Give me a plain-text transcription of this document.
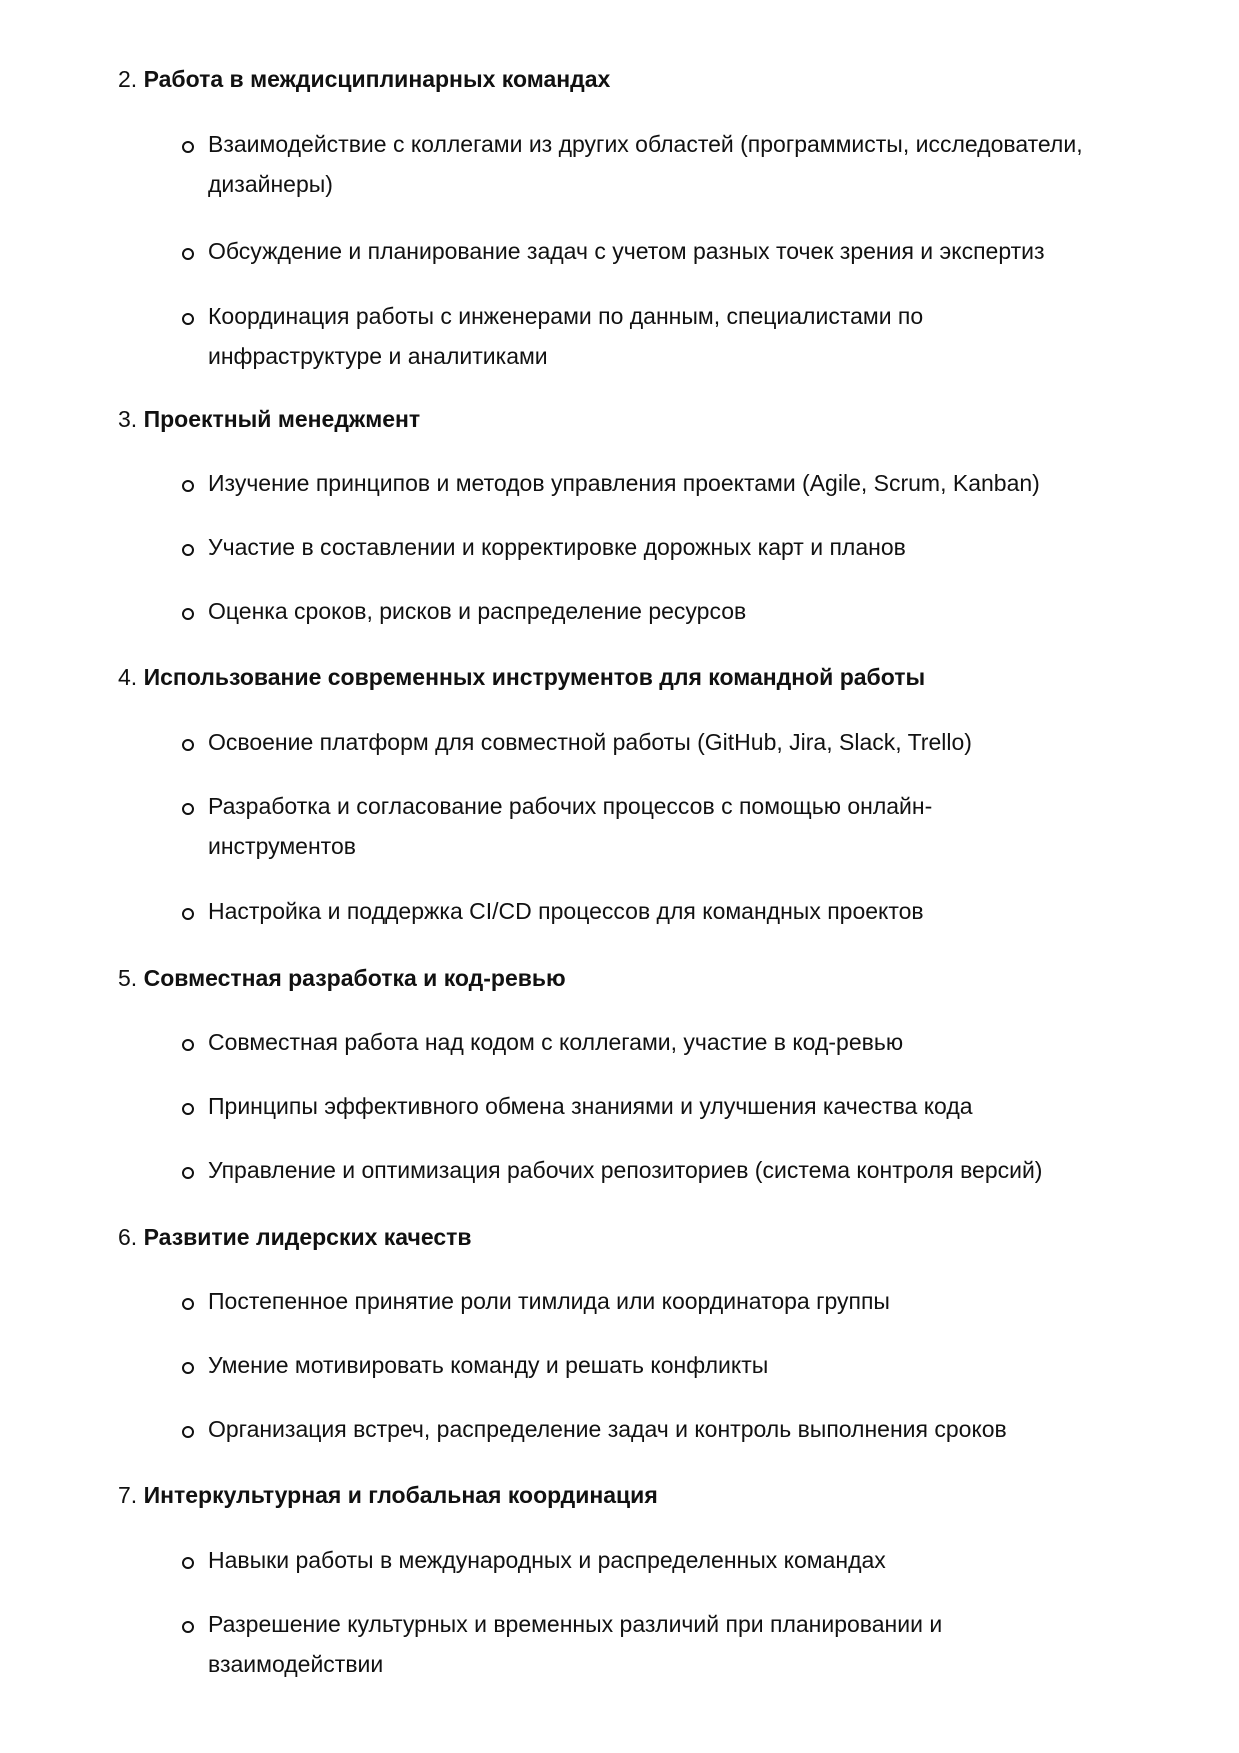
2. Работа в междисциплинарных командах
Взаимодействие с коллегами из других областей (программисты, исследователи,
дизайнеры)
Обсуждение и планирование задач с учетом разных точек зрения и экспертиз
Координация работы с инженерами по данным, специалистами по
инфраструктуре и аналитиками
3. Проектный менеджмент
Изучение принципов и методов управления проектами (Agile, Scrum, Kanban)
Участие в составлении и корректировке дорожных карт и планов
Оценка сроков, рисков и распределение ресурсов
4. Использование современных инструментов для командной работы
Освоение платформ для совместной работы (GitHub, Jira, Slack, Trello)
Разработка и согласование рабочих процессов с помощью онлайн-
инструментов
Настройка и поддержка CI/CD процессов для командных проектов
5. Совместная разработка и код-ревью
Совместная работа над кодом с коллегами, участие в код-ревью
Принципы эффективного обмена знаниями и улучшения качества кода
Управление и оптимизация рабочих репозиториев (система контроля версий)
6. Развитие лидерских качеств
Постепенное принятие роли тимлида или координатора группы
Умение мотивировать команду и решать конфликты
Организация встреч, распределение задач и контроль выполнения сроков
7. Интеркультурная и глобальная координация
Навыки работы в международных и распределенных командах
Разрешение культурных и временных различий при планировании и
взаимодействии
